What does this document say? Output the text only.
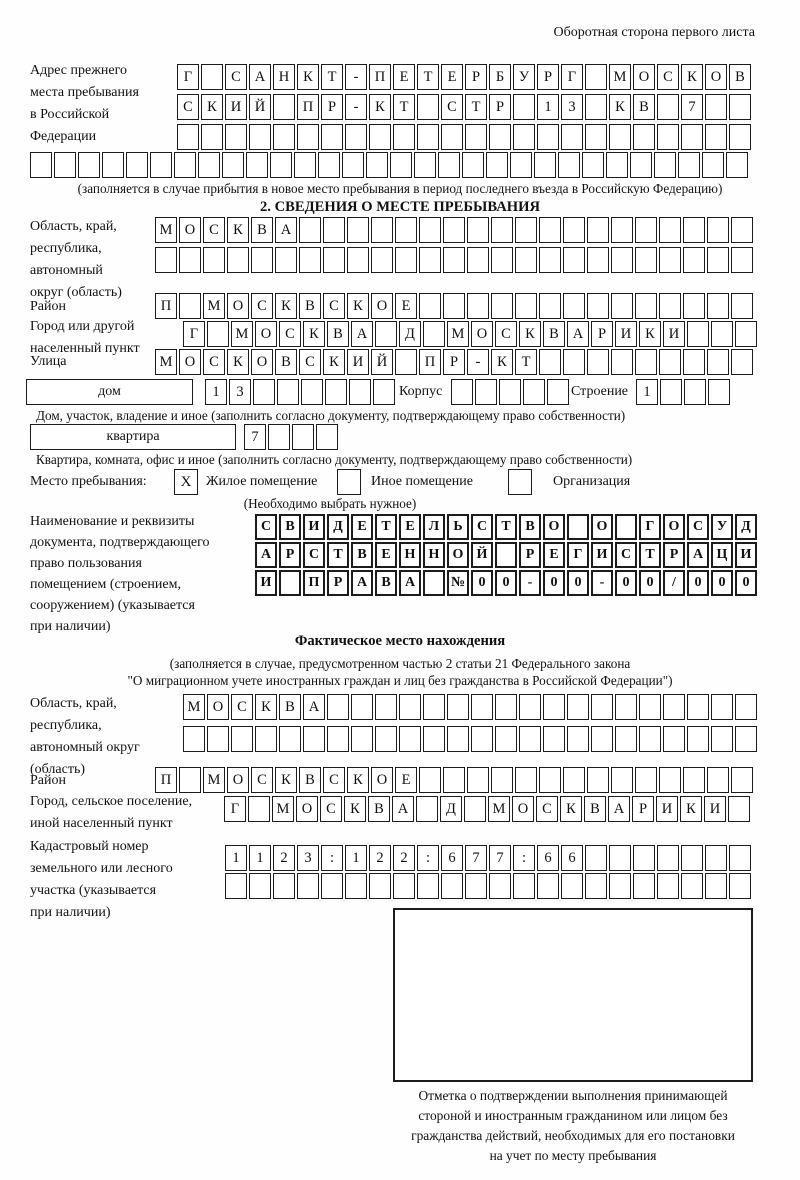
Оборотная сторона первого листа
Адрес прежнего
места пребывания
в Российской
Федерации
Г	С А Н К	Т	-	П Е	Т	Е	Р	Б	У	Р	Г	М О С К О В
С К И Й	П	Р	-	К	Т	С	Т	Р	1	3	К В	7
(заполняется в случае прибытия в новое место пребывания в период последнего въезда в Российскую Федерацию)
2. СВЕДЕНИЯ О МЕСТЕ ПРЕБЫВАНИЯ
Область, край,
республика,
автономный
округ (область)
М О С К В А
Район	П	М О С К В С К О Е
Город или другой
населенный пункт
Г	М О С К В А	Д	М О С К В А	Р	И К И
Улица	М О С К О В С К И Й	П	Р	-	К	Т
дом	1	3	Корпус	Строение	1
Дом, участок, владение и иное (заполнить согласно документу, подтверждающему право собственности)
квартира	7
Квартира, комната, офис и иное (заполнить согласно документу, подтверждающему право собственности)
Место пребывания:	X	Жилое помещение	Иное помещение	Организация
(Необходимо выбрать нужное)
Наименование и реквизиты
документа, подтверждающего
право пользования
помещением (строением,
сооружением) (указывается
при наличии)
С	В И Д	Е	Т	Е	Л	Ь	С	Т	В О	О	Г	О С У	Д
А	Р	С	Т	В	Е Н Н О Й	Р	Е	Г	И С	Т	Р	А Ц И
И	П	Р	А	В	А	№ 0	0	-	0	0	-	0	0	/	0	0	0
Фактическое место нахождения
(заполняется в случае, предусмотренном частью 2 статьи 21 Федерального закона
"О миграционном учете иностранных граждан и лиц без гражданства в Российской Федерации")
Область, край,
республика,
автономный округ
(область)
М О С К В А
Район	П	М О С К В С К О Е
Город, сельское поселение,
иной населенный пункт
Г	М О С К В А	Д	М О С К В А	Р	И К И
Кадастровый номер
земельного или лесного
участка (указывается
при наличии)
1	1	2	3	:	1	2	2	:	6	7	7	:	6	6
Отметка о подтверждении выполнения принимающей
стороной и иностранным гражданином или лицом без
гражданства действий, необходимых для его постановки
на учет по месту пребывания
